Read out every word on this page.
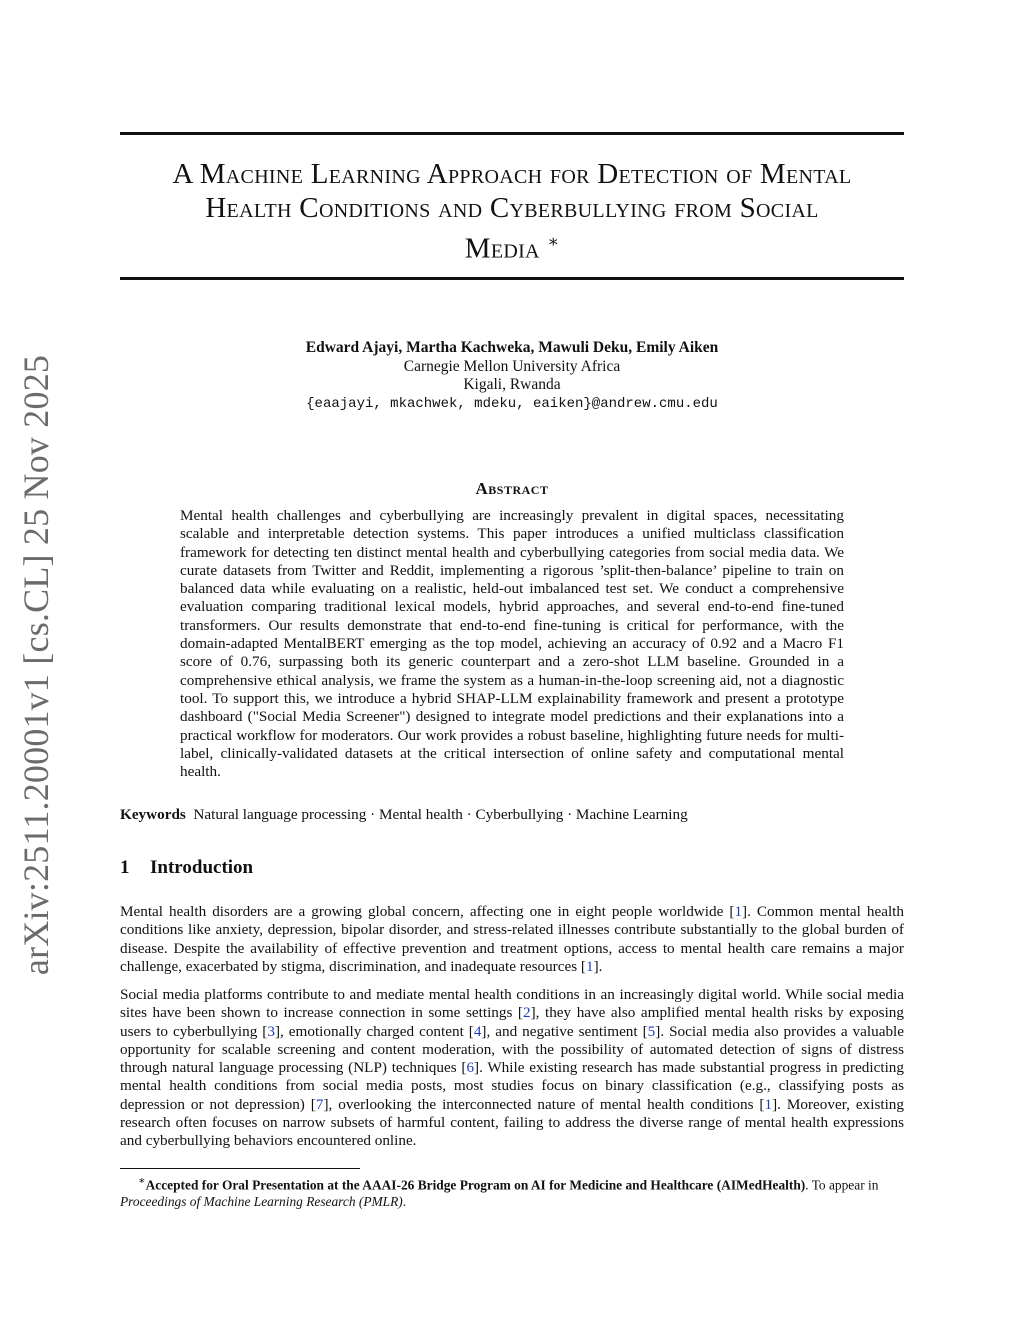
arXiv:2511.20001v1 [cs.CL] 25 Nov 2025
A Machine Learning Approach for Detection of Mental
Health Conditions and Cyberbullying from Social
Media ∗
Edward Ajayi, Martha Kachweka, Mawuli Deku, Emily Aiken
Carnegie Mellon University Africa
Kigali, Rwanda
{eaajayi, mkachwek, mdeku, eaiken}@andrew.cmu.edu
Abstract
Mental health challenges and cyberbullying are increasingly prevalent in digital spaces, necessitating scalable and interpretable detection systems. This paper introduces a unified multiclass classification framework for detecting ten distinct mental health and cyberbullying categories from social media data. We curate datasets from Twitter and Reddit, implementing a rigorous ’split-then-balance’ pipeline to train on balanced data while evaluating on a realistic, held-out imbalanced test set. We conduct a comprehensive evaluation comparing traditional lexical models, hybrid approaches, and several end-to-end fine-tuned transformers. Our results demonstrate that end-to-end fine-tuning is critical for performance, with the domain-adapted MentalBERT emerging as the top model, achieving an accuracy of 0.92 and a Macro F1 score of 0.76, surpassing both its generic counterpart and a zero-shot LLM baseline. Grounded in a comprehensive ethical analysis, we frame the system as a human-in-the-loop screening aid, not a diagnostic tool. To support this, we introduce a hybrid SHAP-LLM explainability framework and present a prototype dashboard ("Social Media Screener") designed to integrate model predictions and their explanations into a practical workflow for moderators. Our work provides a robust baseline, highlighting future needs for multi-label, clinically-validated datasets at the critical intersection of online safety and computational mental health.
Keywords Natural language processing · Mental health · Cyberbullying · Machine Learning
1 Introduction
Mental health disorders are a growing global concern, affecting one in eight people worldwide [1]. Common mental health conditions like anxiety, depression, bipolar disorder, and stress-related illnesses contribute substantially to the global burden of disease. Despite the availability of effective prevention and treatment options, access to mental health care remains a major challenge, exacerbated by stigma, discrimination, and inadequate resources [1].
Social media platforms contribute to and mediate mental health conditions in an increasingly digital world. While social media sites have been shown to increase connection in some settings [2], they have also amplified mental health risks by exposing users to cyberbullying [3], emotionally charged content [4], and negative sentiment [5]. Social media also provides a valuable opportunity for scalable screening and content moderation, with the possibility of automated detection of signs of distress through natural language processing (NLP) techniques [6]. While existing research has made substantial progress in predicting mental health conditions from social media posts, most studies focus on binary classification (e.g., classifying posts as depression or not depression) [7], overlooking the interconnected nature of mental health conditions [1]. Moreover, existing research often focuses on narrow subsets of harmful content, failing to address the diverse range of mental health expressions and cyberbullying behaviors encountered online.
∗Accepted for Oral Presentation at the AAAI-26 Bridge Program on AI for Medicine and Healthcare (AIMedHealth). To appear in Proceedings of Machine Learning Research (PMLR).
